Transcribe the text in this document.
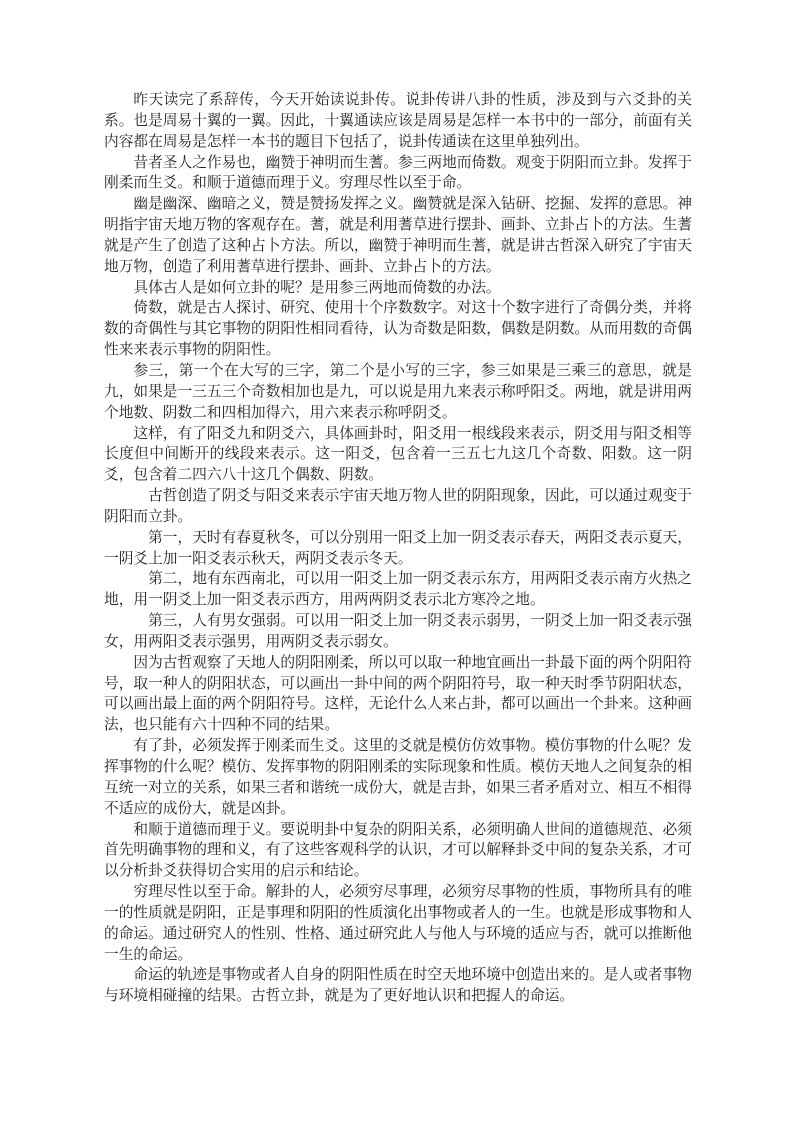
昨天读完了系辞传，今天开始读说卦传。说卦传讲八卦的性质，涉及到与六爻卦的关系。也是周易十翼的一翼。因此，十翼通读应该是周易是怎样一本书中的一部分，前面有关内容都在周易是怎样一本书的题目下包括了，说卦传通读在这里单独列出。

昔者圣人之作易也，幽赞于神明而生蓍。参三两地而倚数。观变于阴阳而立卦。发挥于刚柔而生爻。和顺于道德而理于义。穷理尽性以至于命。

幽是幽深、幽暗之义，赞是赞扬发挥之义。幽赞就是深入钻研、挖掘、发挥的意思。神明指宇宙天地万物的客观存在。蓍，就是利用蓍草进行摆卦、画卦、立卦占卜的方法。生蓍就是产生了创造了这种占卜方法。所以，幽赞于神明而生蓍，就是讲古哲深入研究了宇宙天地万物，创造了利用蓍草进行摆卦、画卦、立卦占卜的方法。

具体古人是如何立卦的呢？是用参三两地而倚数的办法。

倚数，就是古人探讨、研究、使用十个序数数字。对这十个数字进行了奇偶分类，并将数的奇偶性与其它事物的阴阳性相同看待，认为奇数是阳数，偶数是阴数。从而用数的奇偶性来来表示事物的阴阳性。

参三，第一个在大写的三字，第二个是小写的三字，参三如果是三乘三的意思，就是九，如果是一三五三个奇数相加也是九，可以说是用九来表示称呼阳爻。两地，就是讲用两个地数、阴数二和四相加得六，用六来表示称呼阴爻。

这样，有了阳爻九和阴爻六，具体画卦时，阳爻用一根线段来表示，阴爻用与阳爻相等长度但中间断开的线段来表示。这一阳爻，包含着一三五七九这几个奇数、阳数。这一阴爻，包含着二四六八十这几个偶数、阴数。

古哲创造了阴爻与阳爻来表示宇宙天地万物人世的阴阳现象，因此，可以通过观变于阴阳而立卦。

第一，天时有春夏秋冬，可以分别用一阳爻上加一阴爻表示春天，两阳爻表示夏天，一阴爻上加一阳爻表示秋天，两阴爻表示冬天。

第二，地有东西南北，可以用一阳爻上加一阴爻表示东方，用两阳爻表示南方火热之地，用一阴爻上加一阳爻表示西方，用两两阴爻表示北方寒冷之地。

第三，人有男女强弱。可以用一阳爻上加一阴爻表示弱男，一阴爻上加一阳爻表示强女，用两阳爻表示强男，用两阴爻表示弱女。

因为古哲观察了天地人的阴阳刚柔，所以可以取一种地宜画出一卦最下面的两个阴阳符号，取一种人的阴阳状态，可以画出一卦中间的两个阴阳符号，取一种天时季节阴阳状态，可以画出最上面的两个阴阳符号。这样，无论什么人来占卦，都可以画出一个卦来。这种画法，也只能有六十四种不同的结果。

有了卦，必须发挥于刚柔而生爻。这里的爻就是模仿仿效事物。模仿事物的什么呢？发挥事物的什么呢？模仿、发挥事物的阴阳刚柔的实际现象和性质。模仿天地人之间复杂的相互统一对立的关系，如果三者和谐统一成份大，就是吉卦，如果三者矛盾对立、相互不相得不适应的成份大，就是凶卦。

和顺于道德而理于义。要说明卦中复杂的阴阳关系，必须明确人世间的道德规范、必须首先明确事物的理和义，有了这些客观科学的认识，才可以解释卦爻中间的复杂关系，才可以分析卦爻获得切合实用的启示和结论。

穷理尽性以至于命。解卦的人，必须穷尽事理，必须穷尽事物的性质，事物所具有的唯一的性质就是阴阳，正是事理和阴阳的性质演化出事物或者人的一生。也就是形成事物和人的命运。通过研究人的性别、性格、通过研究此人与他人与环境的适应与否，就可以推断他一生的命运。

命运的轨迹是事物或者人自身的阴阳性质在时空天地环境中创造出来的。是人或者事物与环境相碰撞的结果。古哲立卦，就是为了更好地认识和把握人的命运。
